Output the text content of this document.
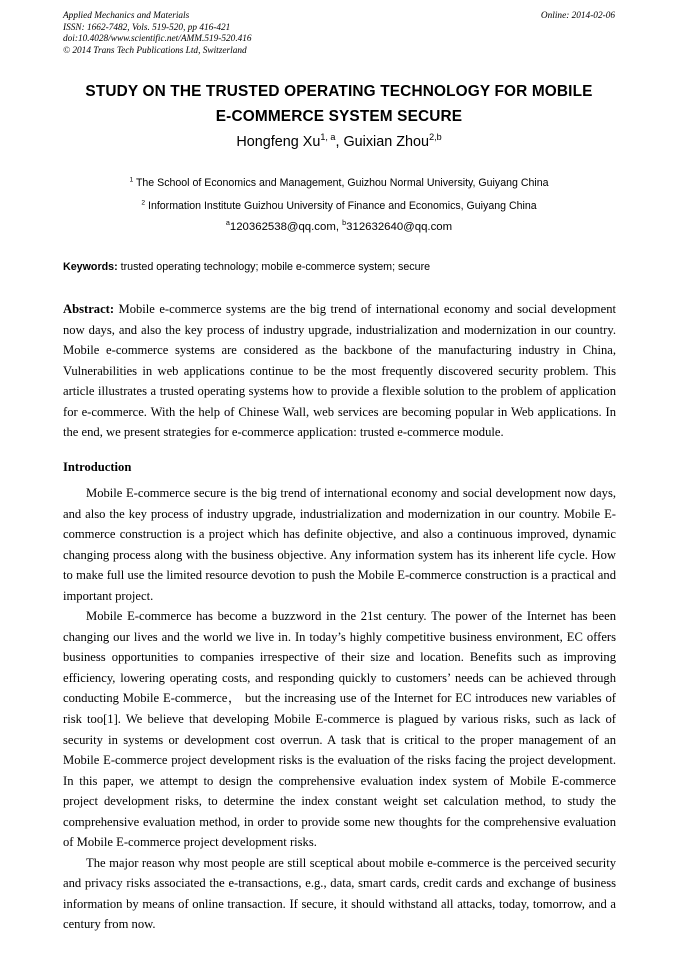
Applied Mechanics and Materials	Online: 2014-02-06
ISSN: 1662-7482, Vols. 519-520, pp 416-421
doi:10.4028/www.scientific.net/AMM.519-520.416
© 2014 Trans Tech Publications Ltd, Switzerland
STUDY ON THE TRUSTED OPERATING TECHNOLOGY FOR MOBILE
E-COMMERCE SYSTEM SECURE
Hongfeng Xu$^{1, a}$, Guixian Zhou$^{2,b}$
$^1$ The School of Economics and Management, Guizhou Normal University, Guiyang China
$^2$ Information Institute Guizhou University of Finance and Economics, Guiyang China
$^a$120362538@qq.com, $^b$312632640@qq.com
Keywords: trusted operating technology; mobile e-commerce system; secure
Abstract: Mobile e-commerce systems are the big trend of international economy and social development now days, and also the key process of industry upgrade, industrialization and modernization in our country. Mobile e-commerce systems are considered as the backbone of the manufacturing industry in China, Vulnerabilities in web applications continue to be the most frequently discovered security problem. This article illustrates a trusted operating systems how to provide a flexible solution to the problem of application for e-commerce. With the help of Chinese Wall, web services are becoming popular in Web applications. In the end, we present strategies for e-commerce application: trusted e-commerce module.
Introduction

Mobile E-commerce secure is the big trend of international economy and social development now days, and also the key process of industry upgrade, industrialization and modernization in our country. Mobile E-commerce construction is a project which has definite objective, and also a continuous improved, dynamic changing process along with the business objective. Any information system has its inherent life cycle. How to make full use the limited resource devotion to push the Mobile E-commerce construction is a practical and important project.

Mobile E-commerce has become a buzzword in the 21st century. The power of the Internet has been changing our lives and the world we live in. In today’s highly competitive business environment, EC offers business opportunities to companies irrespective of their size and location. Benefits such as improving efficiency, lowering operating costs, and responding quickly to customers’ needs can be achieved through conducting Mobile E-commerce， but the increasing use of the Internet for EC introduces new variables of risk too[1]. We believe that developing Mobile E-commerce is plagued by various risks, such as lack of security in systems or development cost overrun. A task that is critical to the proper management of an Mobile E-commerce project development risks is the evaluation of the risks facing the project development. In this paper, we attempt to design the comprehensive evaluation index system of Mobile E-commerce project development risks, to determine the index constant weight set calculation method, to study the comprehensive evaluation method, in order to provide some new thoughts for the comprehensive evaluation of Mobile E-commerce project development risks.

The major reason why most people are still sceptical about mobile e-commerce is the perceived security and privacy risks associated the e-transactions, e.g., data, smart cards, credit cards and exchange of business information by means of online transaction. If secure, it should withstand all attacks, today, tomorrow, and a century from now.
